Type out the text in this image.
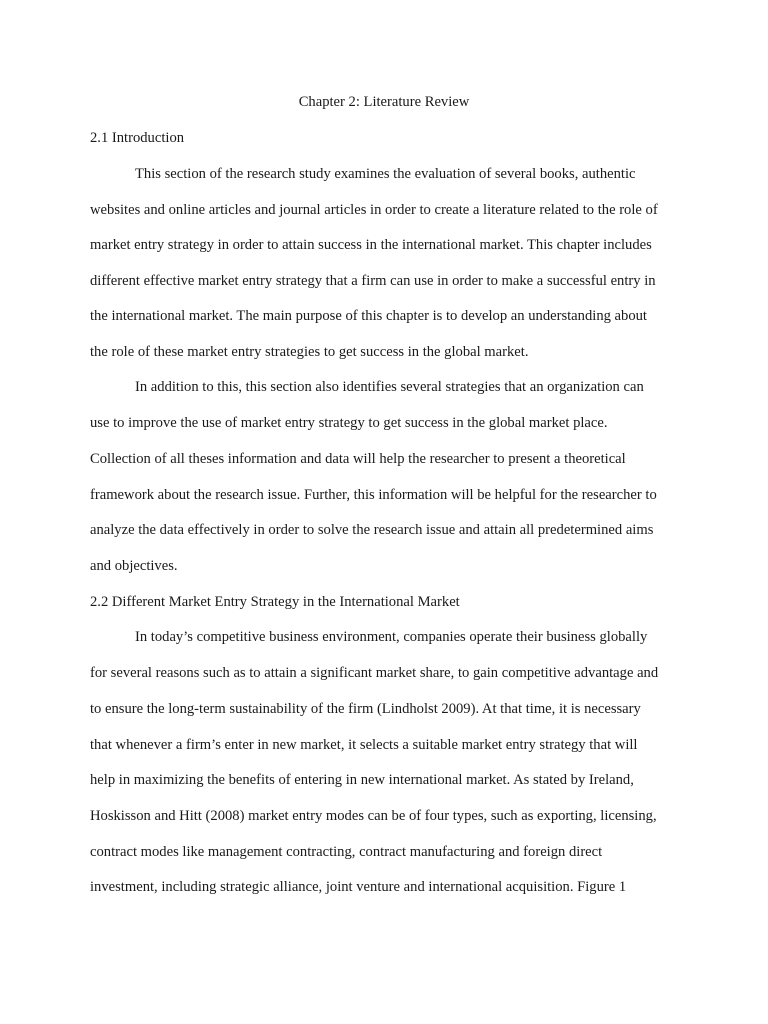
Chapter 2: Literature Review
2.1 Introduction
This section of the research study examines the evaluation of several books, authentic
websites and online articles and journal articles in order to create a literature related to the role of
market entry strategy in order to attain success in the international market. This chapter includes
different effective market entry strategy that a firm can use in order to make a successful entry in
the international market. The main purpose of this chapter is to develop an understanding about
the role of these market entry strategies to get success in the global market.
In addition to this, this section also identifies several strategies that an organization can
use to improve the use of market entry strategy to get success in the global market place.
Collection of all theses information and data will help the researcher to present a theoretical
framework about the research issue. Further, this information will be helpful for the researcher to
analyze the data effectively in order to solve the research issue and attain all predetermined aims
and objectives.
2.2 Different Market Entry Strategy in the International Market
In today’s competitive business environment, companies operate their business globally
for several reasons such as to attain a significant market share, to gain competitive advantage and
to ensure the long-term sustainability of the firm (Lindholst 2009). At that time, it is necessary
that whenever a firm’s enter in new market, it selects a suitable market entry strategy that will
help in maximizing the benefits of entering in new international market. As stated by Ireland,
Hoskisson and Hitt (2008) market entry modes can be of four types, such as exporting, licensing,
contract modes like management contracting, contract manufacturing and foreign direct
investment, including strategic alliance, joint venture and international acquisition. Figure 1
